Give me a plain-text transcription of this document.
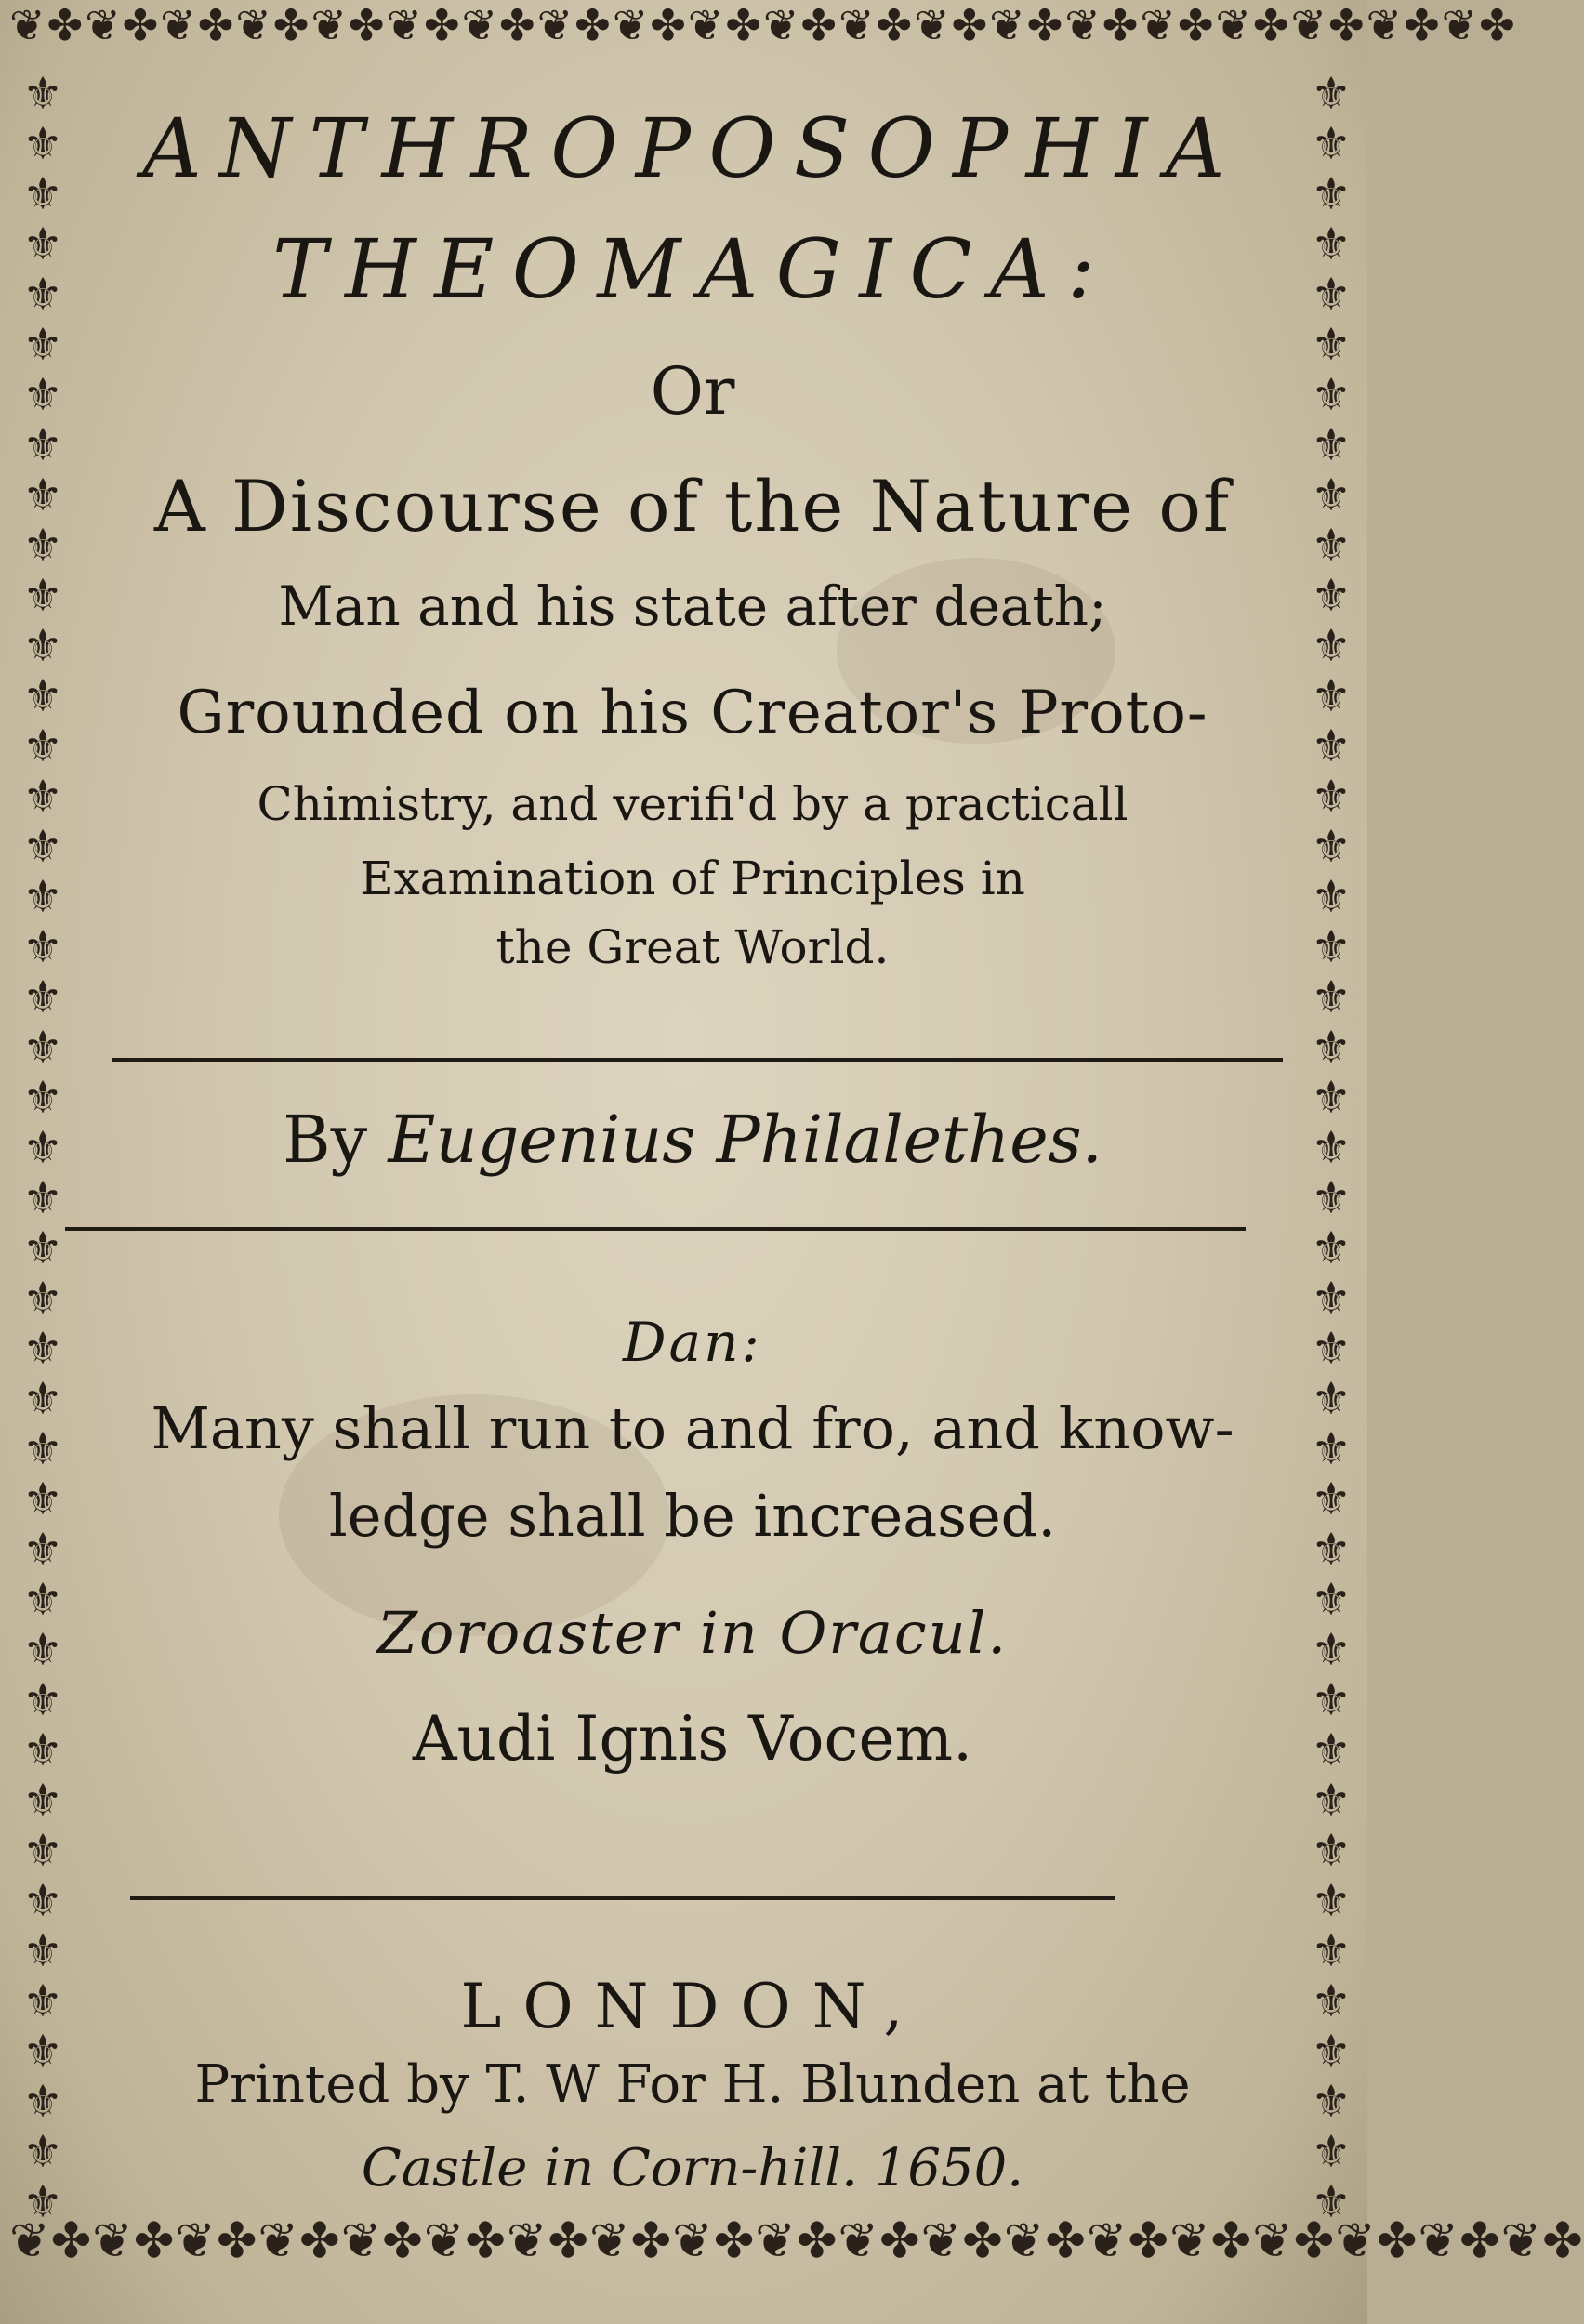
❦✤❦✤❦✤❦✤❦✤❦✤❦✤❦✤❦✤❦✤❦✤❦✤❦✤❦✤❦✤❦✤❦✤❦✤❦✤❦✤
❦✤❦✤❦✤❦✤❦✤❦✤❦✤❦✤❦✤❦✤❦✤❦✤❦✤❦✤❦✤❦✤❦✤❦✤❦✤
⚜⚜⚜⚜⚜⚜⚜⚜⚜⚜⚜⚜⚜⚜⚜⚜⚜⚜⚜⚜⚜⚜⚜⚜⚜⚜⚜⚜⚜⚜⚜⚜⚜⚜⚜⚜⚜⚜⚜⚜⚜⚜⚜
⚜⚜⚜⚜⚜⚜⚜⚜⚜⚜⚜⚜⚜⚜⚜⚜⚜⚜⚜⚜⚜⚜⚜⚜⚜⚜⚜⚜⚜⚜⚜⚜⚜⚜⚜⚜⚜⚜⚜⚜⚜⚜⚜
ANTHROPOSOPHIA
THEOMAGICA:
Or
A Discourse of the Nature of
Man and his state after death;
Grounded on his Creator's Proto-
Chimistry, and verifi'd by a practicall
Examination of Principles in
the Great World.
By Eugenius Philalethes.
Dan:
Many shall run to and fro, and know-
ledge shall be increased.
Zoroaster in Oracul.
Audi Ignis Vocem.
LONDON,
Printed by T. W For H. Blunden at the
Castle in Corn-hill. 1650.
